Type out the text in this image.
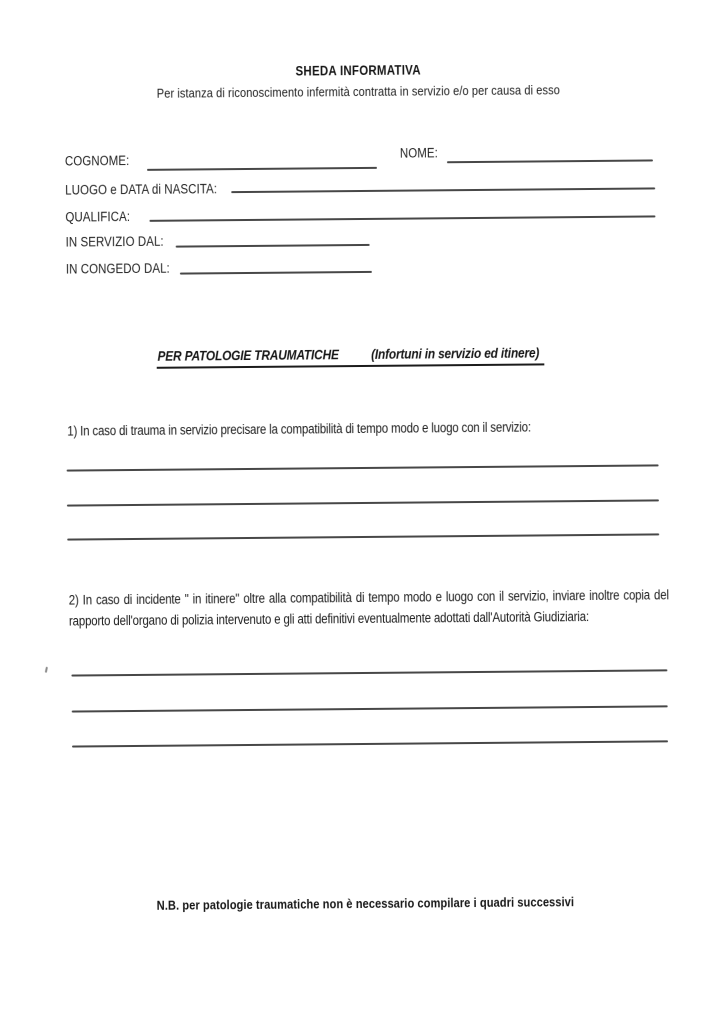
SHEDA INFORMATIVA
Per istanza di riconoscimento infermità contratta in servizio e/o per causa di esso
COGNOME:
NOME:
LUOGO e DATA di NASCITA:
QUALIFICA:
IN SERVIZIO DAL:
IN CONGEDO DAL:
PER PATOLOGIE TRAUMATICHE (Infortuni in servizio ed itinere)
1) In caso di trauma in servizio precisare la compatibilità di tempo modo e luogo con il servizio:
2) In caso di incidente " in itinere" oltre alla compatibilità di tempo modo e luogo con il servizio, inviare inoltre copia del rapporto dell'organo di polizia intervenuto e gli atti definitivi eventualmente adottati dall'Autorità Giudiziaria:
N.B. per patologie traumatiche non è necessario compilare i quadri successivi
